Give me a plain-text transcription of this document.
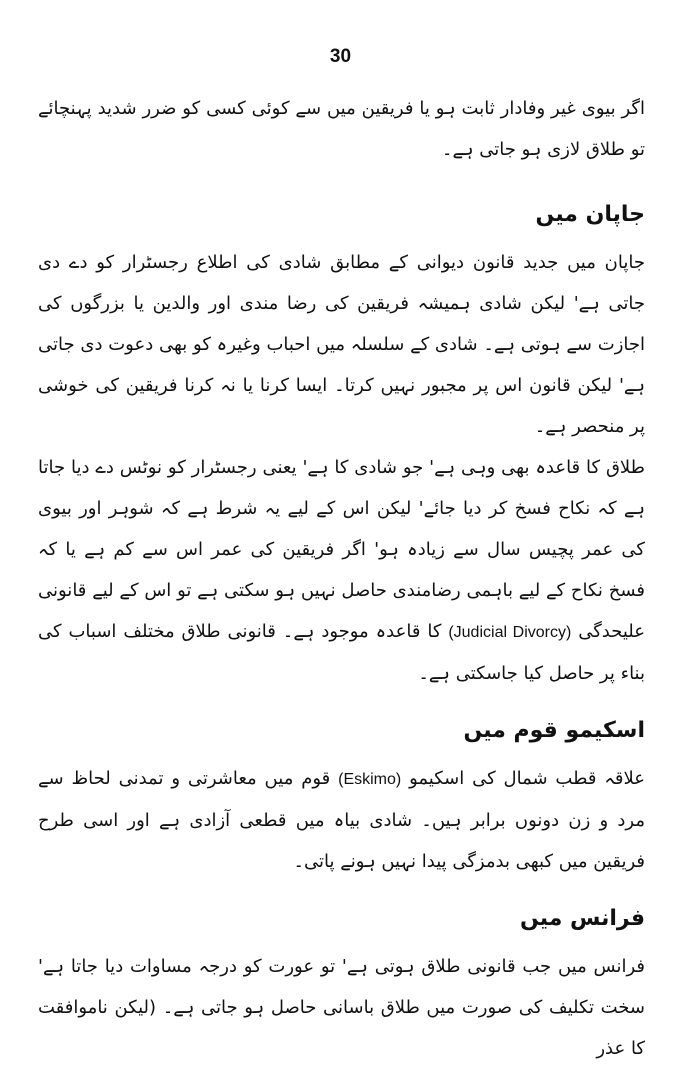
30

اگر بیوی غیر وفادار ثابت ہو یا فریقین میں سے کوئی کسی کو ضرر شدید پہنچائے تو طلاق لازی ہو جاتی ہے۔

جاپان میں

جاپان میں جدید قانون دیوانی کے مطابق شادی کی اطلاع رجسٹرار کو دے دی جاتی ہے' لیکن شادی ہمیشہ فریقین کی رضا مندی اور والدین یا بزرگوں کی اجازت سے ہوتی ہے۔ شادی کے سلسلہ میں احباب وغیرہ کو بھی دعوت دی جاتی ہے' لیکن قانون اس پر مجبور نہیں کرتا۔ ایسا کرنا یا نہ کرنا فریقین کی خوشی پر منحصر ہے۔

طلاق کا قاعدہ بھی وہی ہے' جو شادی کا ہے' یعنی رجسٹرار کو نوٹس دے دیا جاتا ہے کہ نکاح فسخ کر دیا جائے' لیکن اس کے لیے یہ شرط ہے کہ شوہر اور بیوی کی عمر پچیس سال سے زیادہ ہو' اگر فریقین کی عمر اس سے کم ہے یا کہ فسخ نکاح کے لیے باہمی رضامندی حاصل نہیں ہو سکتی ہے تو اس کے لیے قانونی علیحدگی (Judicial Divorcy) کا قاعدہ موجود ہے۔ قانونی طلاق مختلف اسباب کی بناء پر حاصل کیا جاسکتی ہے۔

اسکیمو قوم میں

علاقہ قطب شمال کی اسکیمو (Eskimo) قوم میں معاشرتی و تمدنی لحاظ سے مرد و زن دونوں برابر ہیں۔ شادی بیاہ میں قطعی آزادی ہے اور اسی طرح فریقین میں کبھی بدمزگی پیدا نہیں ہونے پاتی۔

فرانس میں

فرانس میں جب قانونی طلاق ہوتی ہے' تو عورت کو درجہ مساوات دیا جاتا ہے' سخت تکلیف کی صورت میں طلاق باسانی حاصل ہو جاتی ہے۔ (لیکن ناموافقت کا عذر
